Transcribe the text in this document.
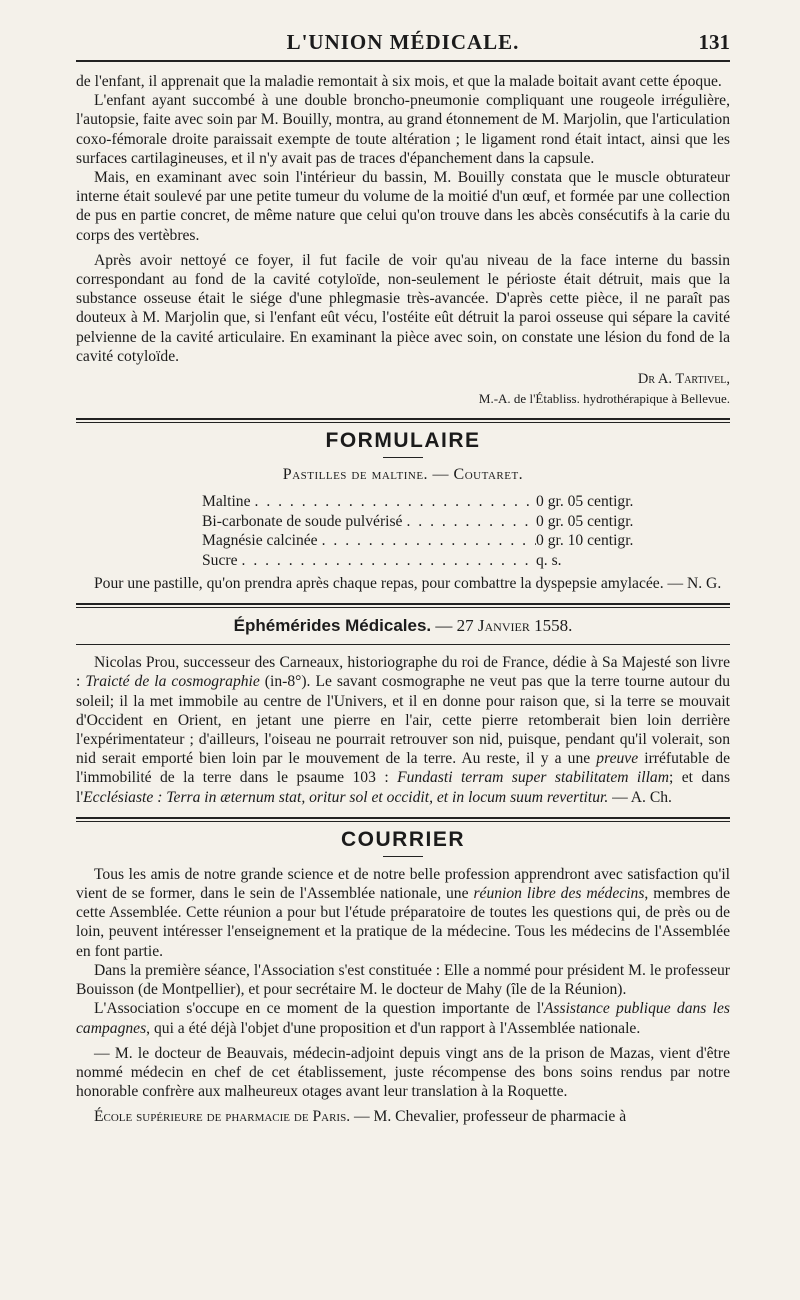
L'UNION MÉDICALE.	131

de l'enfant, il apprenait que la maladie remontait à six mois, et que la malade boitait avant cette époque.

L'enfant ayant succombé à une double broncho-pneumonie compliquant une rougeole irrégulière, l'autopsie, faite avec soin par M. Bouilly, montra, au grand étonnement de M. Marjolin, que l'articulation coxo-fémorale droite paraissait exempte de toute altération ; le ligament rond était intact, ainsi que les surfaces cartilagineuses, et il n'y avait pas de traces d'épanchement dans la capsule.

Mais, en examinant avec soin l'intérieur du bassin, M. Bouilly constata que le muscle obturateur interne était soulevé par une petite tumeur du volume de la moitié d'un œuf, et formée par une collection de pus en partie concret, de même nature que celui qu'on trouve dans les abcès consécutifs à la carie du corps des vertèbres.

Après avoir nettoyé ce foyer, il fut facile de voir qu'au niveau de la face interne du bassin correspondant au fond de la cavité cotyloïde, non-seulement le périoste était détruit, mais que la substance osseuse était le siége d'une phlegmasie très-avancée. D'après cette pièce, il ne paraît pas douteux à M. Marjolin que, si l'enfant eût vécu, l'ostéite eût détruit la paroi osseuse qui sépare la cavité pelvienne de la cavité articulaire. En examinant la pièce avec soin, on constate une lésion du fond de la cavité cotyloïde.

Dr A. Tartivel,
M.-A. de l'Établiss. hydrothérapique à Bellevue.
FORMULAIRE
Pastilles de maltine. — Coutaret.
Maltine . . .	0 gr. 05 centigr.
Bi-carbonate de soude pulvérisé . . .	0 gr. 05 centigr.
Magnésie calcinée . . .	0 gr. 10 centigr.
Sucre . . .	q. s.

Pour une pastille, qu'on prendra après chaque repas, pour combattre la dyspepsie amylacée. — N. G.

Éphémérides Médicales. — 27 Janvier 1558.

Nicolas Prou, successeur des Carneaux, historiographe du roi de France, dédie à Sa Majesté son livre : Traicté de la cosmographie (in-8°). Le savant cosmographe ne veut pas que la terre tourne autour du soleil; il la met immobile au centre de l'Univers, et il en donne pour raison que, si la terre se mouvait d'Occident en Orient, en jetant une pierre en l'air, cette pierre retomberait bien loin derrière l'expérimentateur ; d'ailleurs, l'oiseau ne pourrait retrouver son nid, puisque, pendant qu'il volerait, son nid serait emporté bien loin par le mouvement de la terre. Au reste, il y a une preuve irréfutable de l'immobilité de la terre dans le psaume 103 : Fundasti terram super stabilitatem illam; et dans l'Ecclésiaste : Terra in æternum stat, oritur sol et occidit, et in locum suum revertitur. — A. Ch.

COURRIER

Tous les amis de notre grande science et de notre belle profession apprendront avec satisfaction qu'il vient de se former, dans le sein de l'Assemblée nationale, une réunion libre des médecins, membres de cette Assemblée. Cette réunion a pour but l'étude préparatoire de toutes les questions qui, de près ou de loin, peuvent intéresser l'enseignement et la pratique de la médecine. Tous les médecins de l'Assemblée en font partie.

Dans la première séance, l'Association s'est constituée : Elle a nommé pour président M. le professeur Bouisson (de Montpellier), et pour secrétaire M. le docteur de Mahy (île de la Réunion).

L'Association s'occupe en ce moment de la question importante de l'Assistance publique dans les campagnes, qui a été déjà l'objet d'une proposition et d'un rapport à l'Assemblée nationale.

— M. le docteur de Beauvais, médecin-adjoint depuis vingt ans de la prison de Mazas, vient d'être nommé médecin en chef de cet établissement, juste récompense des bons soins rendus par notre honorable confrère aux malheureux otages avant leur translation à la Roquette.

École supérieure de pharmacie de Paris. — M. Chevalier, professeur de pharmacie à
